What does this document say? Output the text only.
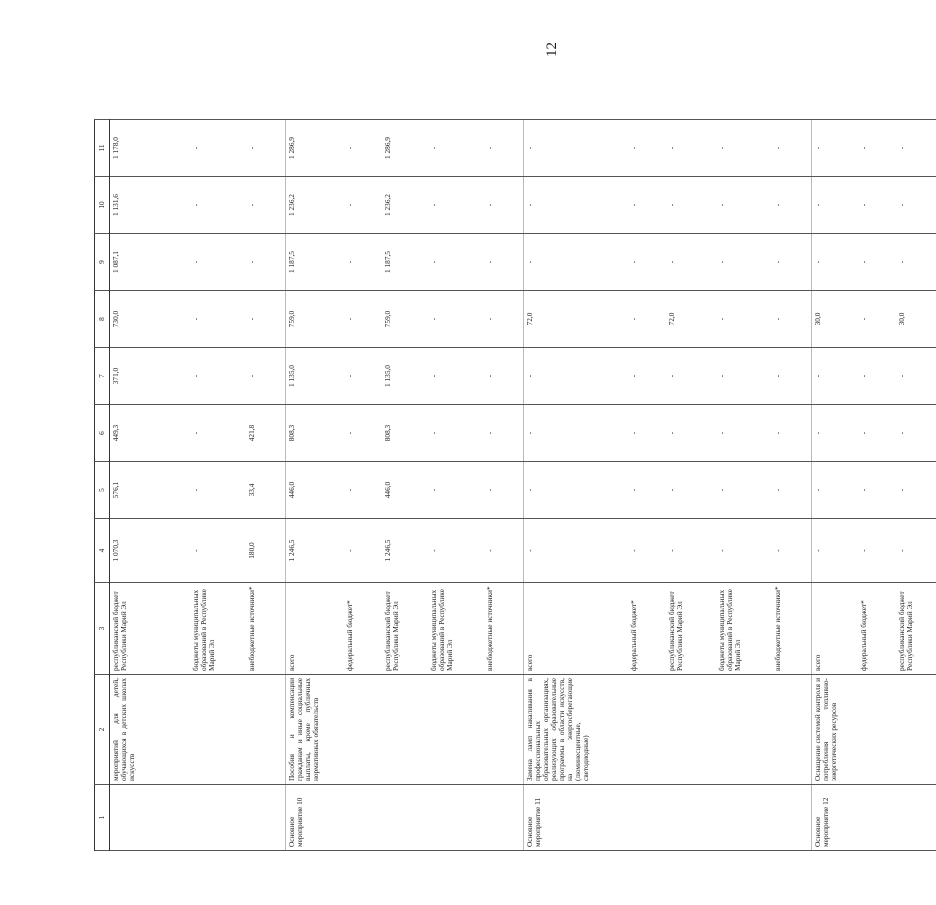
12
1	2	3	4	5	6	7	8	9	10	11
	мероприятий для детей, обучающихся в детских школах искусств	республиканский бюджет Республики Марий Эл	1 070,3	576,1	449,3	371,0	730,0	1 087,1	1 131,6	1 178,0
		бюджеты муниципальных образований в Республике Марий Эл	-	-	-	-	-	-	-	-
		внебюджетные источники*	180,0	33,4	421,8	-	-	-	-	-
Основное мероприятие 10	Пособия и компенсации гражданам и иные социальные выплаты, кроме публичных нормативных обязательств	всего	1 246,5	446,0	808,3	1 135,0	759,0	1 187,5	1 236,2	1 286,9
		федеральный бюджет*	-	-	-	-	-	-	-	-
		республиканский бюджет Республики Марий Эл	1 246,5	446,0	808,3	1 135,0	759,0	1 187,5	1 236,2	1 286,9
		бюджеты муниципальных образований в Республике Марий Эл	-	-	-	-	-	-	-	-
		внебюджетные источники*	-	-	-	-	-	-	-	-
Основное мероприятие 11	Замена ламп накаливания в профессиональных образовательных организациях, реализующих образовательные программы в области искусств, на энергосберегающие (люминесцентные, светодиодные)	всего	-	-	-	-	72,0	-	-	-
		федеральный бюджет*	-	-	-	-	-	-	-	-
		республиканский бюджет Республики Марий Эл	-	-	-	-	72,0	-	-	-
		бюджеты муниципальных образований в Республике Марий Эл	-	-	-	-	-	-	-	-
		внебюджетные источники*	-	-	-	-	-	-	-	-
Основное мероприятие 12	Оснащение системой контроля и потребления топливно-энергетических ресурсов	всего	-	-	-	-	30,0	-	-	-
		федеральный бюджет*	-	-	-	-	-	-	-	-
		республиканский бюджет Республики Марий Эл	-	-	-	-	30,0	-	-	-
